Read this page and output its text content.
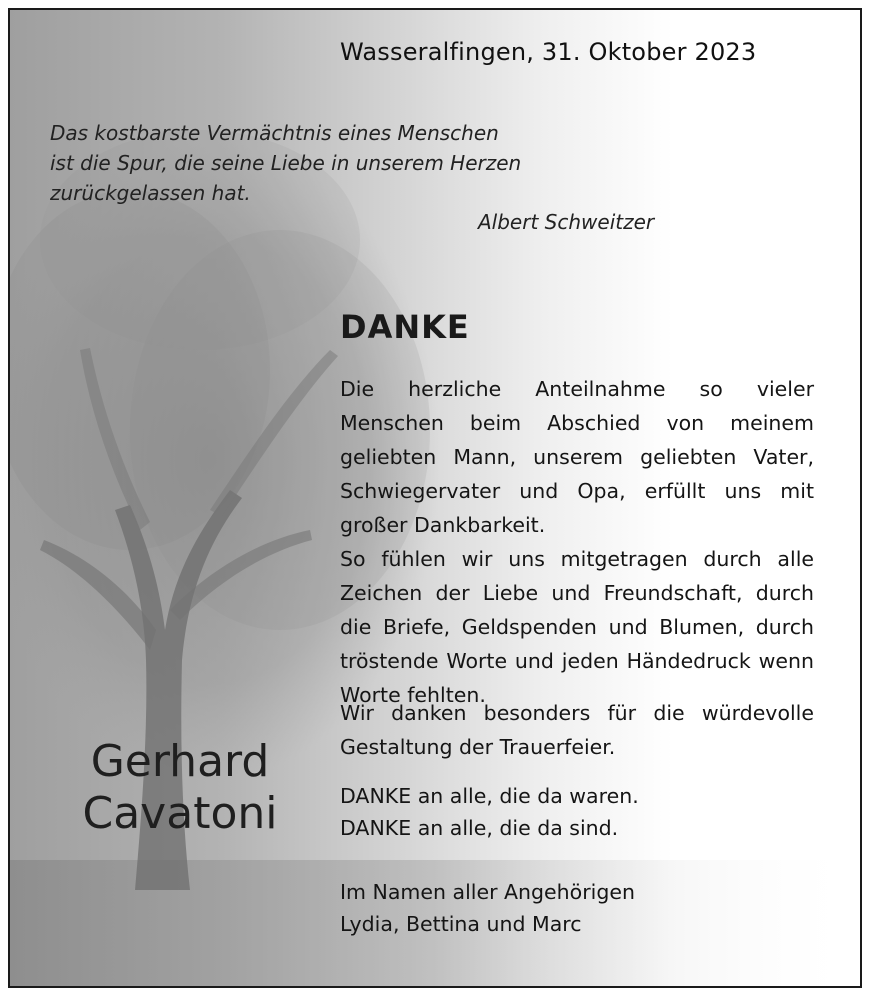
Wasseralfingen, 31. Oktober 2023
Das kostbarste Vermächtnis eines Menschen
ist die Spur, die seine Liebe in unserem Herzen
zurückgelassen hat.
Albert Schweitzer
DANKE

Die herzliche Anteilnahme so vieler Menschen beim Abschied von meinem geliebten Mann, unserem geliebten Vater, Schwiegervater und Opa, erfüllt uns mit großer Dankbarkeit.

So fühlen wir uns mitgetragen durch alle Zeichen der Liebe und Freundschaft, durch die Briefe, Geldspenden und Blumen, durch tröstende Worte und jeden Händedruck wenn Worte fehlten.

Wir danken besonders für die würdevolle Gestaltung der Trauerfeier.
DANKE an alle, die da waren.
DANKE an alle, die da sind.
Im Namen aller Angehörigen
Lydia, Bettina und Marc
Gerhard
Cavatoni
